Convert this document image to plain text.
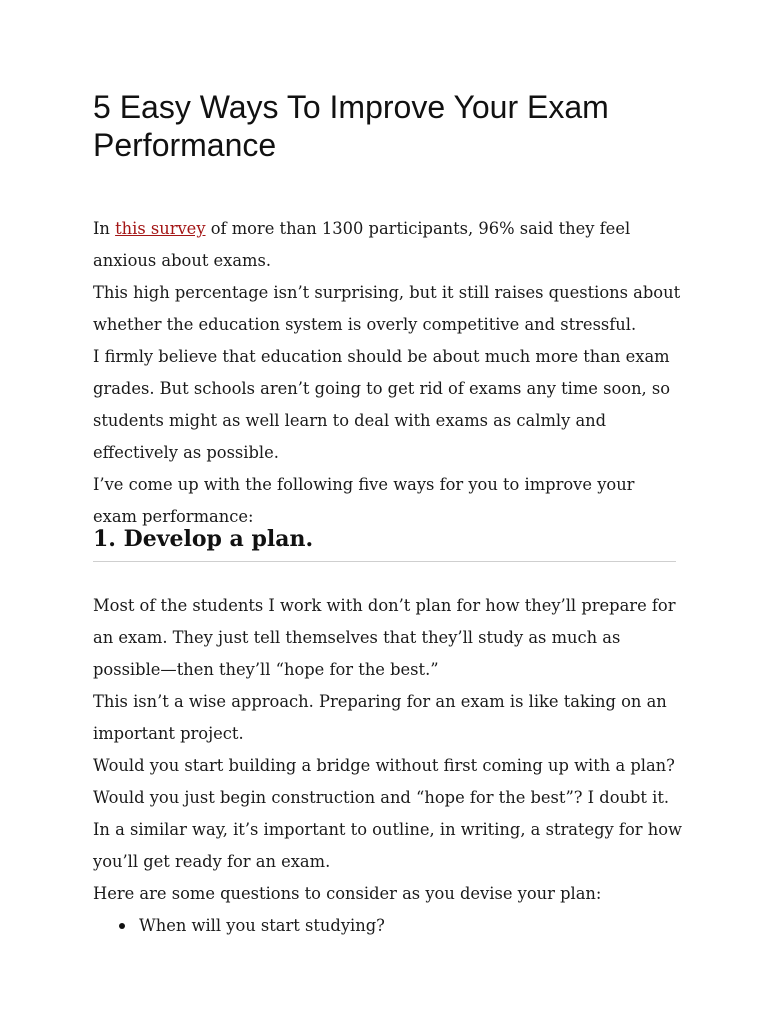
5 Easy Ways To Improve Your Exam Performance

In this survey of more than 1300 participants, 96% said they feel anxious about exams.

This high percentage isn’t surprising, but it still raises questions about whether the education system is overly competitive and stressful.

I firmly believe that education should be about much more than exam grades. But schools aren’t going to get rid of exams any time soon, so students might as well learn to deal with exams as calmly and effectively as possible.

I’ve come up with the following five ways for you to improve your exam performance:

1. Develop a plan.

Most of the students I work with don’t plan for how they’ll prepare for an exam. They just tell themselves that they’ll study as much as possible—then they’ll “hope for the best.”

This isn’t a wise approach. Preparing for an exam is like taking on an important project.

Would you start building a bridge without first coming up with a plan? Would you just begin construction and “hope for the best”? I doubt it.

In a similar way, it’s important to outline, in writing, a strategy for how you’ll get ready for an exam.

Here are some questions to consider as you devise your plan:

When will you start studying?
